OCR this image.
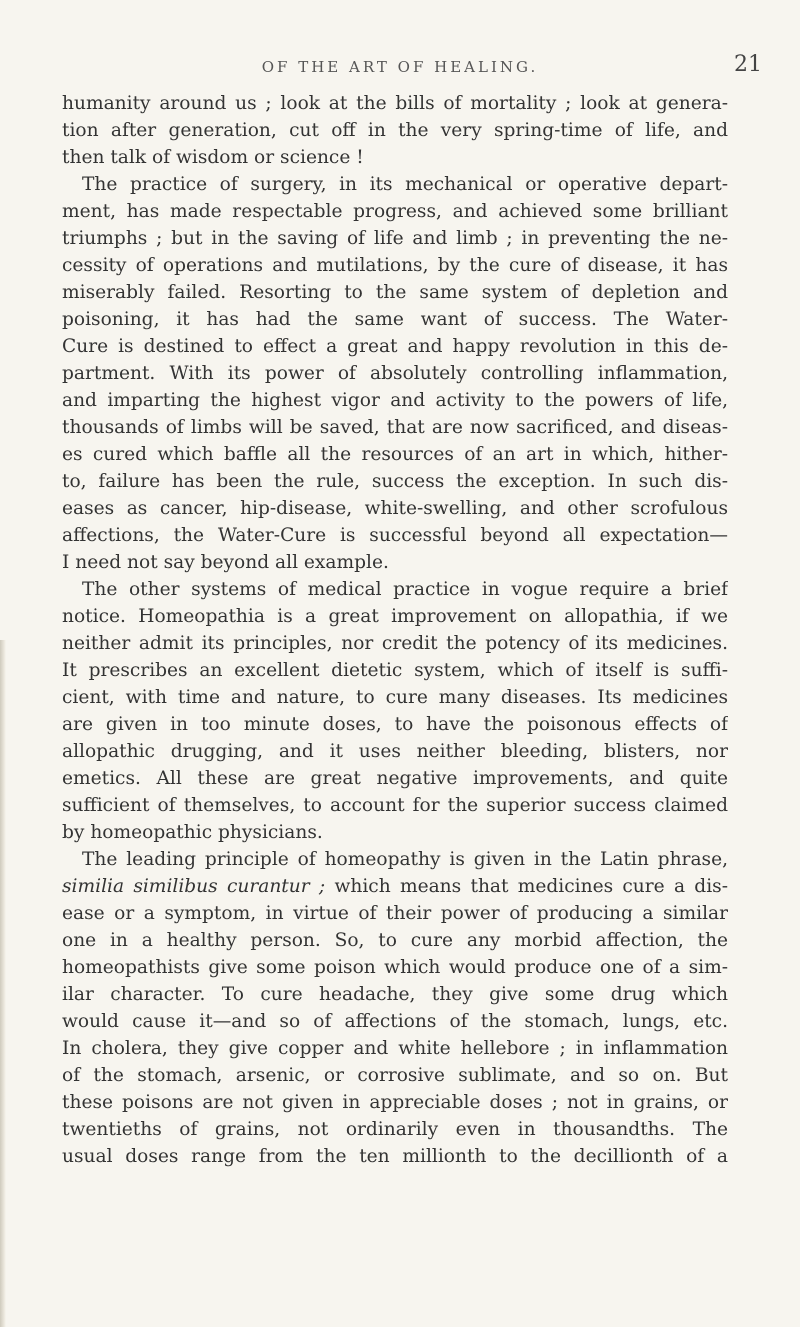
OF THE ART OF HEALING.	21
humanity around us ; look at the bills of mortality ; look at genera-
tion after generation, cut off in the very spring-time of life, and
then talk of wisdom or science !
The practice of surgery, in its mechanical or operative depart-
ment, has made respectable progress, and achieved some brilliant
triumphs ; but in the saving of life and limb ; in preventing the ne-
cessity of operations and mutilations, by the cure of disease, it has
miserably failed. Resorting to the same system of depletion and
poisoning, it has had the same want of success. The Water-
Cure is destined to effect a great and happy revolution in this de-
partment. With its power of absolutely controlling inflammation,
and imparting the highest vigor and activity to the powers of life,
thousands of limbs will be saved, that are now sacrificed, and diseas-
es cured which baffle all the resources of an art in which, hither-
to, failure has been the rule, success the exception. In such dis-
eases as cancer, hip-disease, white-swelling, and other scrofulous
affections, the Water-Cure is successful beyond all expectation—
I need not say beyond all example.
The other systems of medical practice in vogue require a brief
notice. Homeopathia is a great improvement on allopathia, if we
neither admit its principles, nor credit the potency of its medicines.
It prescribes an excellent dietetic system, which of itself is suffi-
cient, with time and nature, to cure many diseases. Its medicines
are given in too minute doses, to have the poisonous effects of
allopathic drugging, and it uses neither bleeding, blisters, nor
emetics. All these are great negative improvements, and quite
sufficient of themselves, to account for the superior success claimed
by homeopathic physicians.
The leading principle of homeopathy is given in the Latin phrase,
similia similibus curantur ; which means that medicines cure a dis-
ease or a symptom, in virtue of their power of producing a similar
one in a healthy person. So, to cure any morbid affection, the
homeopathists give some poison which would produce one of a sim-
ilar character. To cure headache, they give some drug which
would cause it—and so of affections of the stomach, lungs, etc.
In cholera, they give copper and white hellebore ; in inflammation
of the stomach, arsenic, or corrosive sublimate, and so on. But
these poisons are not given in appreciable doses ; not in grains, or
twentieths of grains, not ordinarily even in thousandths. The
usual doses range from the ten millionth to the decillionth of a
